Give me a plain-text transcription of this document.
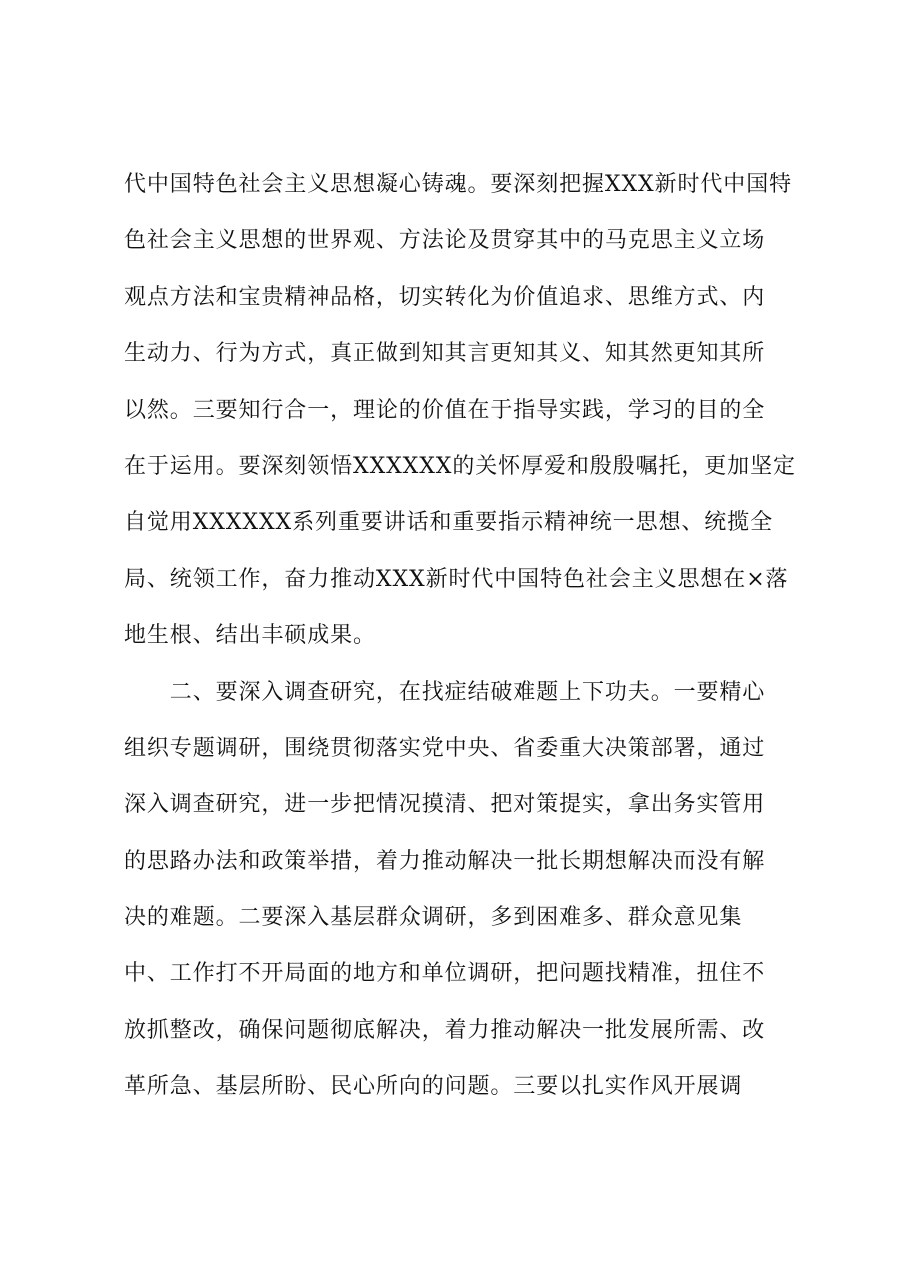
代中国特色社会主义思想凝心铸魂。要深刻把握XXX新时代中国特
色社会主义思想的世界观、方法论及贯穿其中的马克思主义立场
观点方法和宝贵精神品格，切实转化为价值追求、思维方式、内
生动力、行为方式，真正做到知其言更知其义、知其然更知其所
以然。三要知行合一，理论的价值在于指导实践，学习的目的全
在于运用。要深刻领悟XXXXXX的关怀厚爱和殷殷嘱托，更加坚定
自觉用XXXXXX系列重要讲话和重要指示精神统一思想、统揽全
局、统领工作，奋力推动XXX新时代中国特色社会主义思想在×落
地生根、结出丰硕成果。
　　二、要深入调查研究，在找症结破难题上下功夫。一要精心
组织专题调研，围绕贯彻落实党中央、省委重大决策部署，通过
深入调查研究，进一步把情况摸清、把对策提实，拿出务实管用
的思路办法和政策举措，着力推动解决一批长期想解决而没有解
决的难题。二要深入基层群众调研，多到困难多、群众意见集
中、工作打不开局面的地方和单位调研，把问题找精准，扭住不
放抓整改，确保问题彻底解决，着力推动解决一批发展所需、改
革所急、基层所盼、民心所向的问题。三要以扎实作风开展调
